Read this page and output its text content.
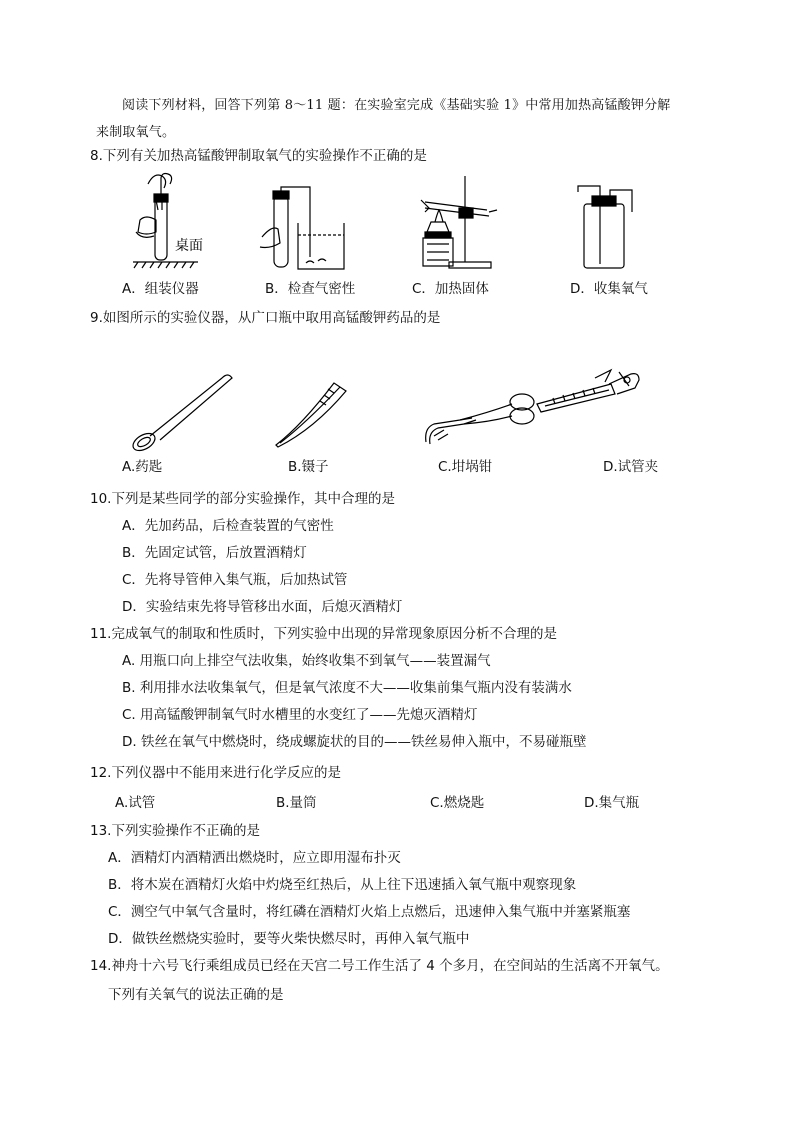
阅读下列材料，回答下列第 8～11 题：在实验室完成《基础实验 1》中常用加热高锰酸钾分解
来制取氧气。
8.下列有关加热高锰酸钾制取氧气的实验操作不正确的是
桌面
A．组装仪器	B．检查气密性	C．加热固体	D．收集氧气
9.如图所示的实验仪器，从广口瓶中取用高锰酸钾药品的是
A.药匙	B.镊子	C.坩埚钳	D.试管夹
10.下列是某些同学的部分实验操作，其中合理的是
A．先加药品，后检查装置的气密性
B．先固定试管，后放置酒精灯
C．先将导管伸入集气瓶，后加热试管
D．实验结束先将导管移出水面，后熄灭酒精灯
11.完成氧气的制取和性质时，下列实验中出现的异常现象原因分析不合理的是
A. 用瓶口向上排空气法收集，始终收集不到氧气——装置漏气
B. 利用排水法收集氧气，但是氧气浓度不大——收集前集气瓶内没有装满水
C. 用高锰酸钾制氧气时水槽里的水变红了——先熄灭酒精灯
D. 铁丝在氧气中燃烧时，绕成螺旋状的目的——铁丝易伸入瓶中，不易碰瓶壁
12.下列仪器中不能用来进行化学反应的是
A.试管	B.量筒	C.燃烧匙	D.集气瓶
13.下列实验操作不正确的是
A．酒精灯内酒精洒出燃烧时，应立即用湿布扑灭
B．将木炭在酒精灯火焰中灼烧至红热后，从上往下迅速插入氧气瓶中观察现象
C．测空气中氧气含量时，将红磷在酒精灯火焰上点燃后，迅速伸入集气瓶中并塞紧瓶塞
D．做铁丝燃烧实验时，要等火柴快燃尽时，再伸入氧气瓶中
14.神舟十六号飞行乘组成员已经在天宫二号工作生活了 4 个多月，在空间站的生活离不开氧气。
下列有关氧气的说法正确的是
